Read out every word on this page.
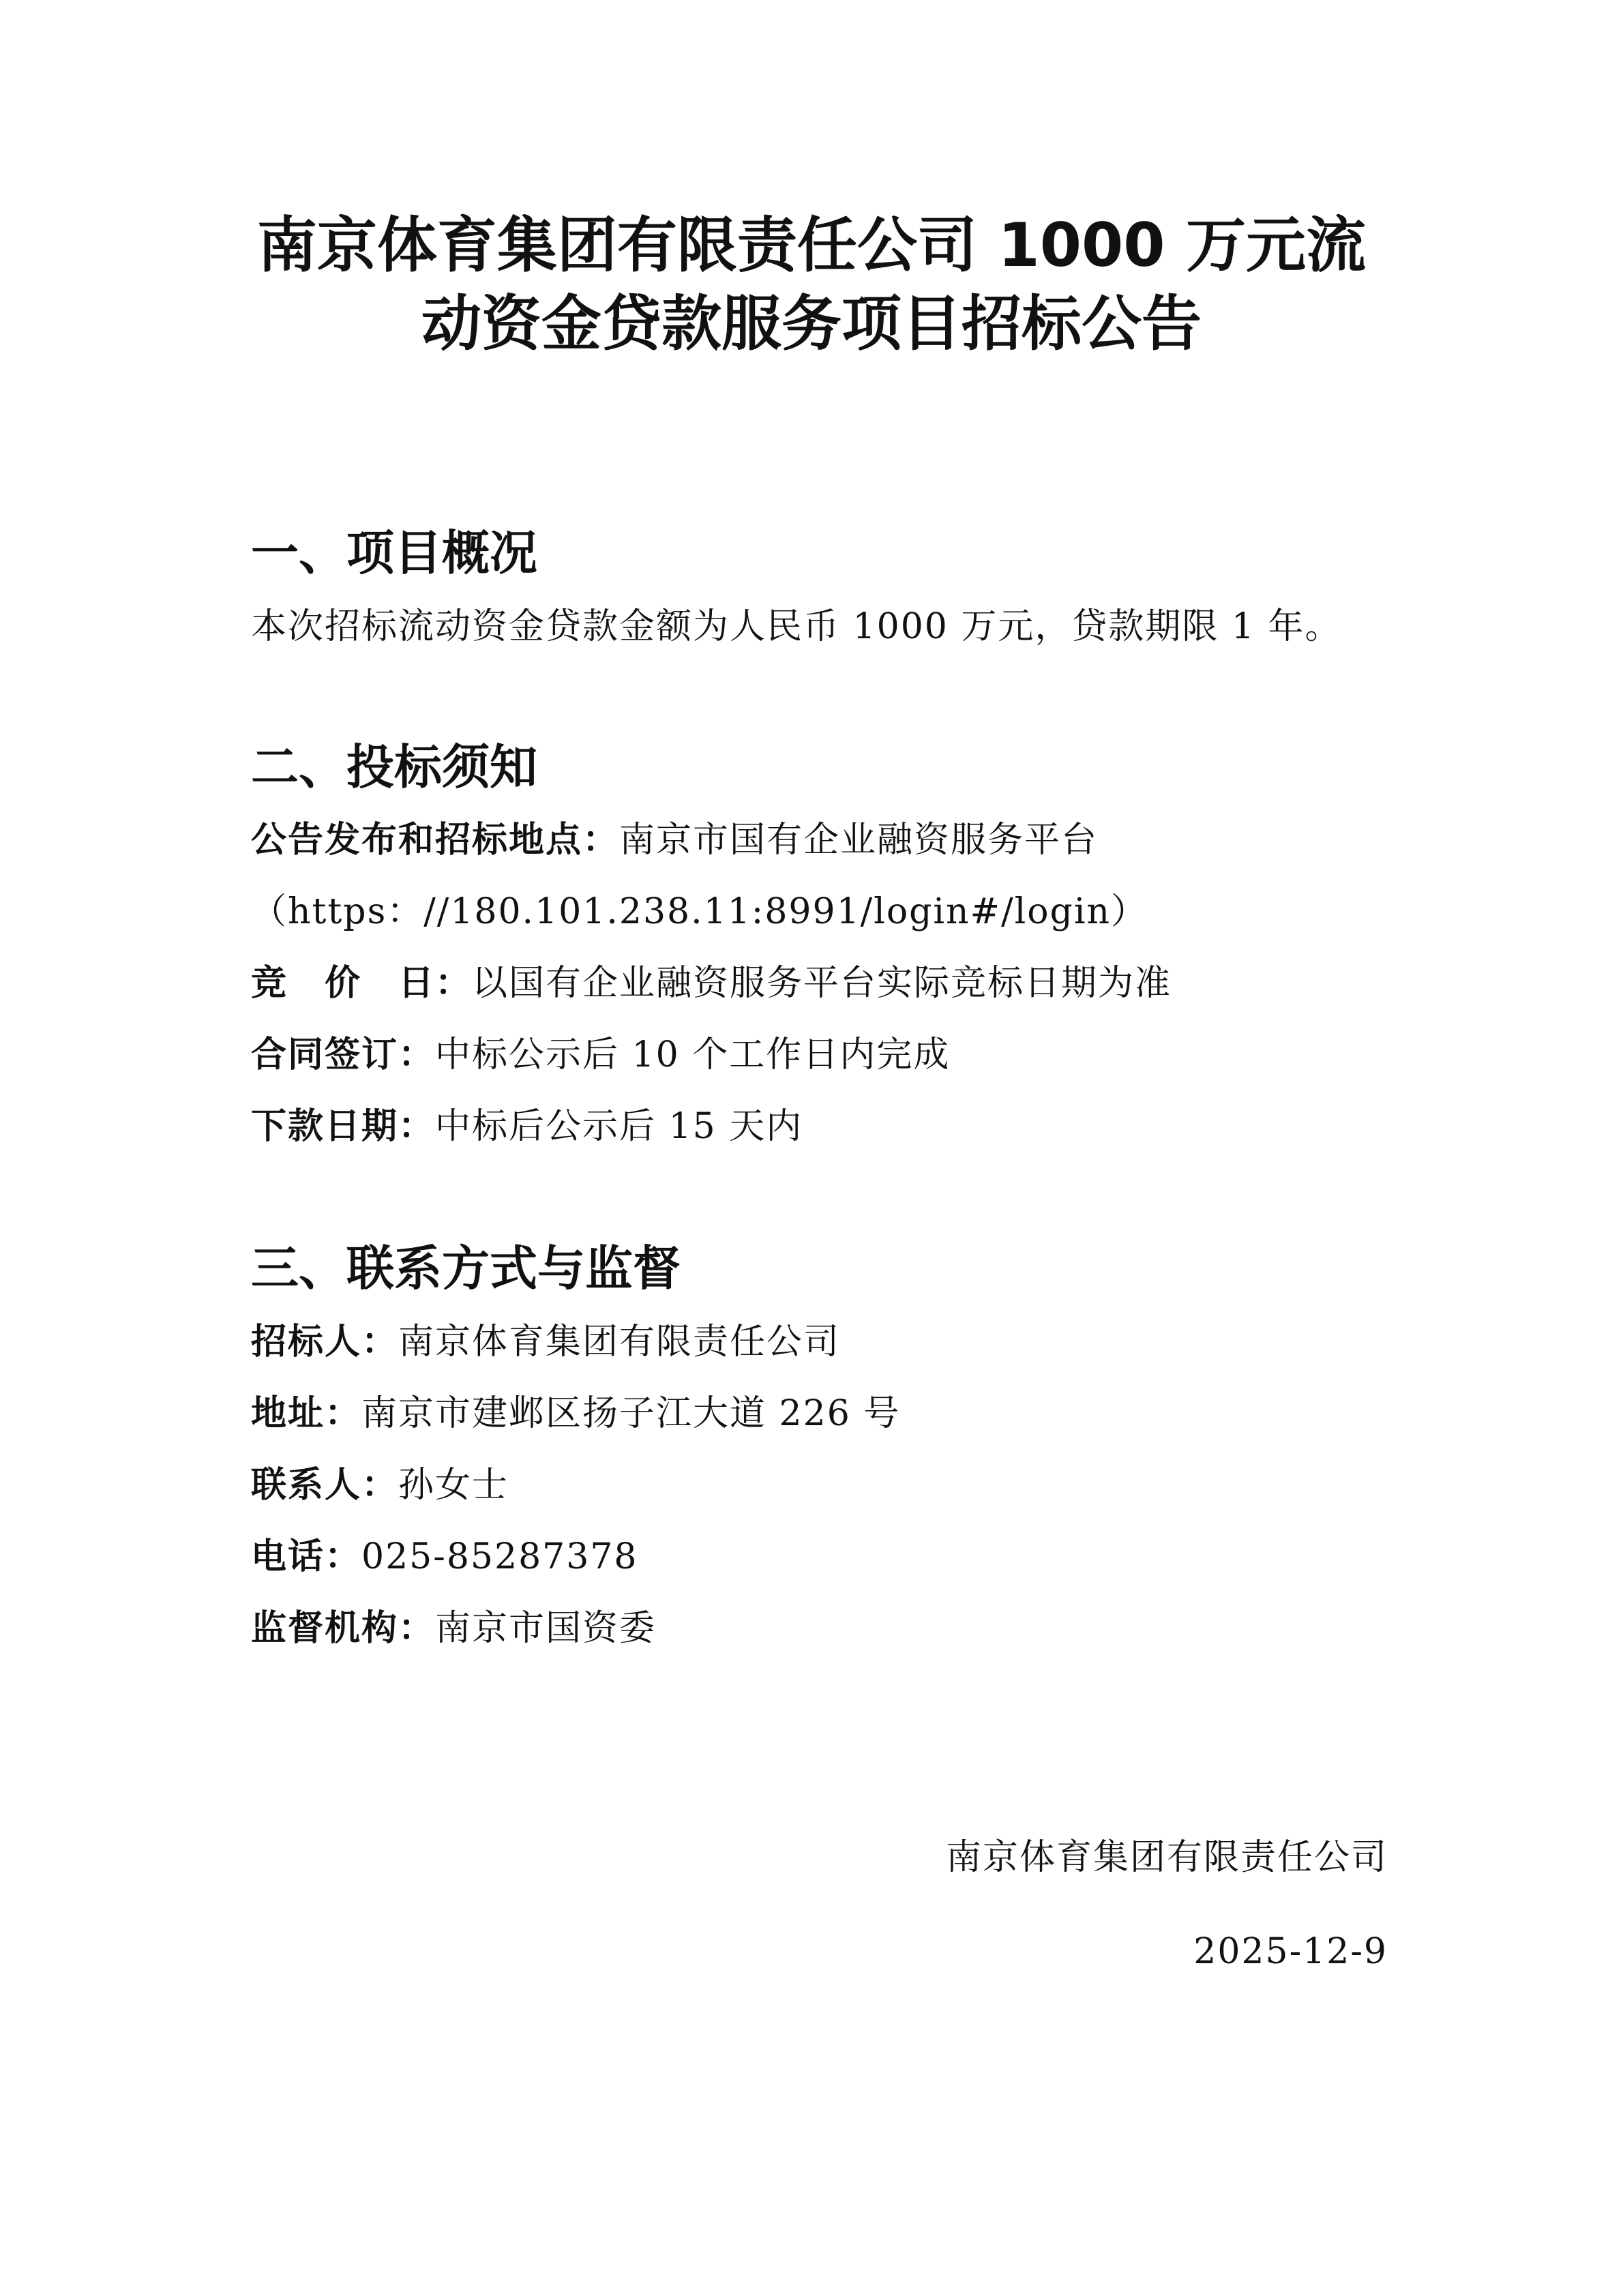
南京体育集团有限责任公司 1000 万元流
动资金贷款服务项目招标公告
一、项目概况
本次招标流动资金贷款金额为人民币 1000 万元，贷款期限 1 年。
二、投标须知
公告发布和招标地点：南京市国有企业融资服务平台
（https：//180.101.238.11:8991/login#/login）
竞　价　日：以国有企业融资服务平台实际竞标日期为准
合同签订：中标公示后 10 个工作日内完成
下款日期：中标后公示后 15 天内
三、联系方式与监督
招标人：南京体育集团有限责任公司
地址：南京市建邺区扬子江大道 226 号
联系人：孙女士
电话：025-85287378
监督机构：南京市国资委
南京体育集团有限责任公司
2025-12-9
